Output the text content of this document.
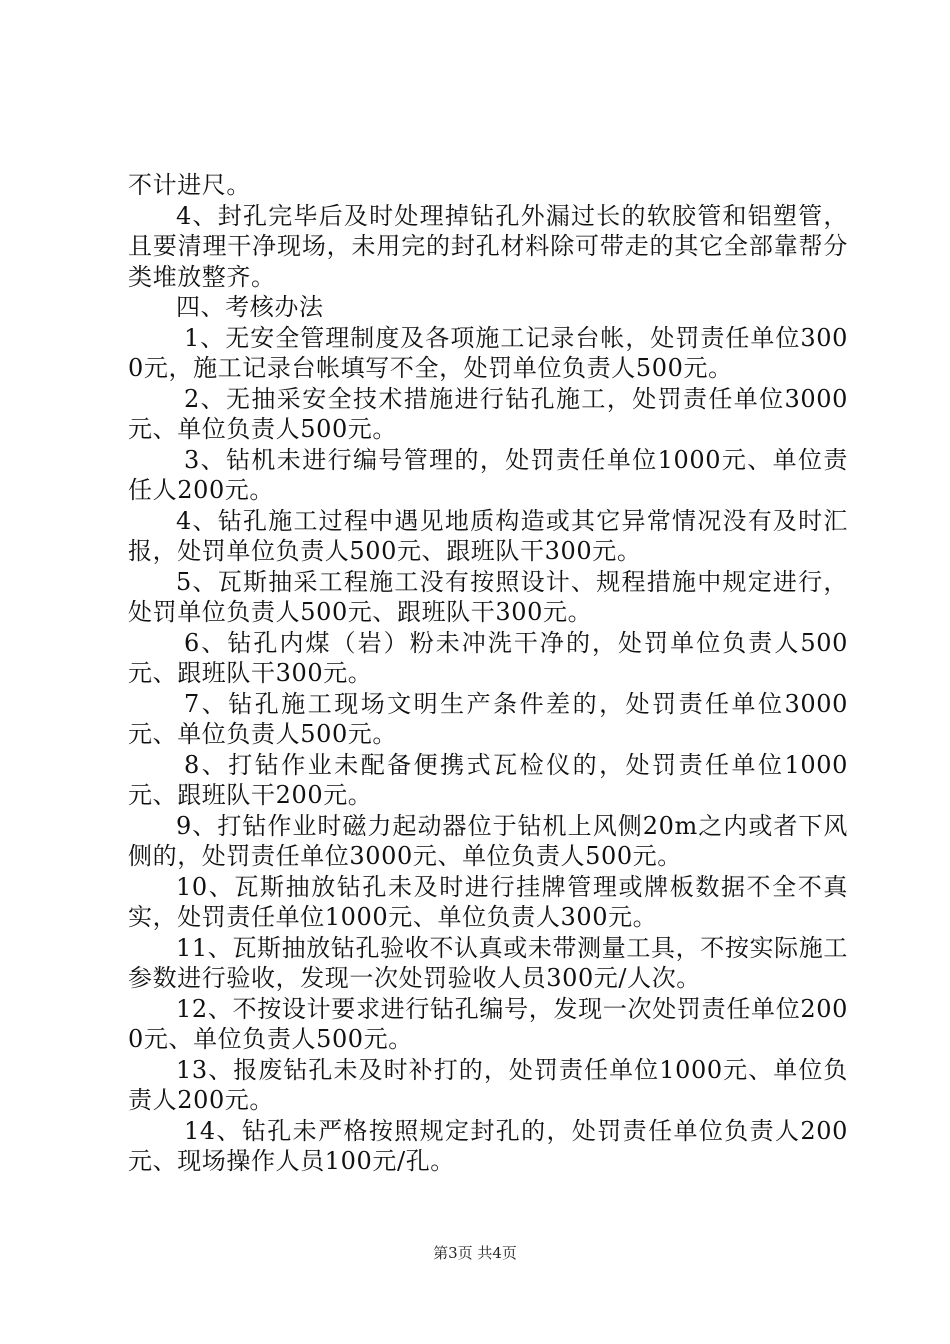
不计进尺。

4、封孔完毕后及时处理掉钻孔外漏过长的软胶管和铝塑管，且要清理干净现场，未用完的封孔材料除可带走的其它全部靠帮分类堆放整齐。

四、考核办法

1、无安全管理制度及各项施工记录台帐，处罚责任单位3000元，施工记录台帐填写不全，处罚单位负责人500元。

2、无抽采安全技术措施进行钻孔施工，处罚责任单位3000元、单位负责人500元。

3、钻机未进行编号管理的，处罚责任单位1000元、单位责任人200元。

4、钻孔施工过程中遇见地质构造或其它异常情况没有及时汇报，处罚单位负责人500元、跟班队干300元。

5、瓦斯抽采工程施工没有按照设计、规程措施中规定进行，处罚单位负责人500元、跟班队干300元。

6、钻孔内煤（岩）粉未冲洗干净的，处罚单位负责人500元、跟班队干300元。

7、钻孔施工现场文明生产条件差的，处罚责任单位3000元、单位负责人500元。

8、打钻作业未配备便携式瓦检仪的，处罚责任单位1000元、跟班队干200元。

9、打钻作业时磁力起动器位于钻机上风侧20m之内或者下风侧的，处罚责任单位3000元、单位负责人500元。

10、瓦斯抽放钻孔未及时进行挂牌管理或牌板数据不全不真实，处罚责任单位1000元、单位负责人300元。

11、瓦斯抽放钻孔验收不认真或未带测量工具，不按实际施工参数进行验收，发现一次处罚验收人员300元/人次。

12、不按设计要求进行钻孔编号，发现一次处罚责任单位2000元、单位负责人500元。

13、报废钻孔未及时补打的，处罚责任单位1000元、单位负责人200元。

14、钻孔未严格按照规定封孔的，处罚责任单位负责人200元、现场操作人员100元/孔。

第3页 共4页
